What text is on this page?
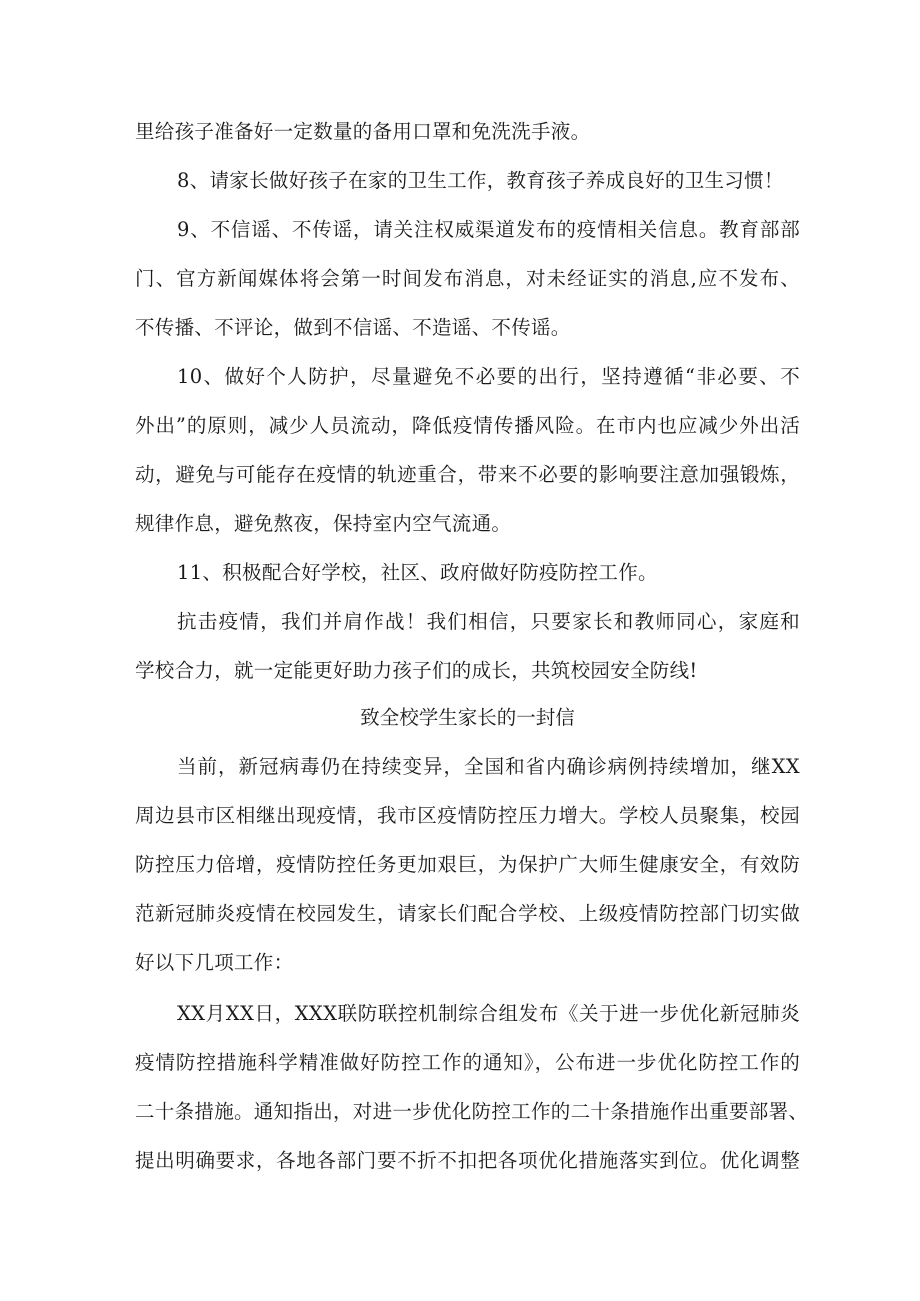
里给孩子准备好一定数量的备用口罩和免洗洗手液。
8、请家长做好孩子在家的卫生工作，教育孩子养成良好的卫生习惯！
9、不信谣、不传谣，请关注权威渠道发布的疫情相关信息。教育部部
门、官方新闻媒体将会第一时间发布消息，对未经证实的消息,应不发布、
不传播、不评论，做到不信谣、不造谣、不传谣。
10、做好个人防护，尽量避免不必要的出行，坚持遵循“非必要、不
外出”的原则，减少人员流动，降低疫情传播风险。在市内也应减少外出活
动，避免与可能存在疫情的轨迹重合，带来不必要的影响要注意加强锻炼，
规律作息，避免熬夜，保持室内空气流通。
11、积极配合好学校，社区、政府做好防疫防控工作。
抗击疫情，我们并肩作战！我们相信，只要家长和教师同心，家庭和
学校合力，就一定能更好助力孩子们的成长，共筑校园安全防线!
致全校学生家长的一封信
当前，新冠病毒仍在持续变异，全国和省内确诊病例持续增加，继XX
周边县市区相继出现疫情，我市区疫情防控压力增大。学校人员聚集，校园
防控压力倍增，疫情防控任务更加艰巨，为保护广大师生健康安全，有效防
范新冠肺炎疫情在校园发生，请家长们配合学校、上级疫情防控部门切实做
好以下几项工作：
XX月XX日，XXX联防联控机制综合组发布《关于进一步优化新冠肺炎
疫情防控措施科学精准做好防控工作的通知》，公布进一步优化防控工作的
二十条措施。通知指出，对进一步优化防控工作的二十条措施作出重要部署、
提出明确要求，各地各部门要不折不扣把各项优化措施落实到位。优化调整
